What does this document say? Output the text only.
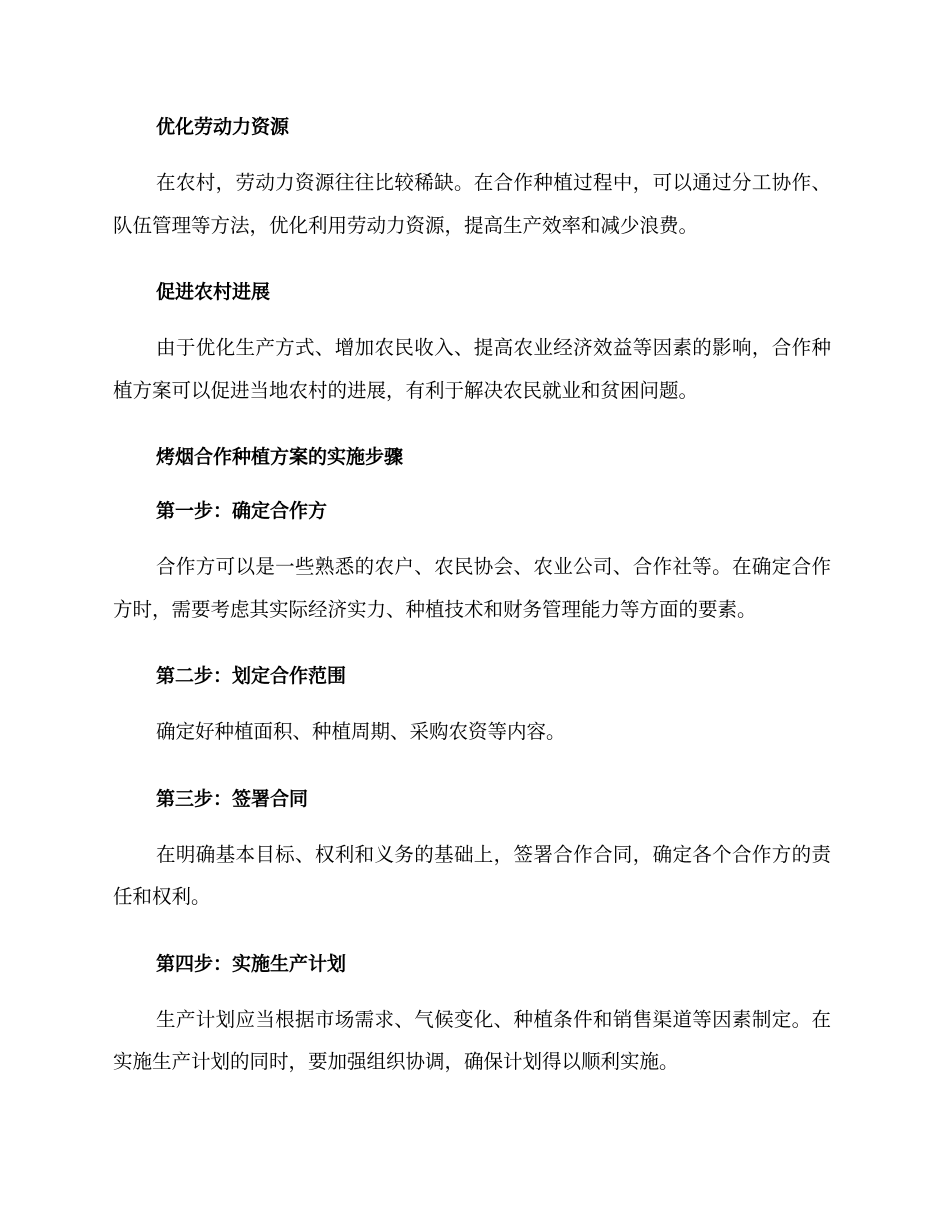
优化劳动力资源

在农村，劳动力资源往往比较稀缺。在合作种植过程中，可以通过分工协作、队伍管理等方法，优化利用劳动力资源，提高生产效率和减少浪费。

促进农村进展

由于优化生产方式、增加农民收入、提高农业经济效益等因素的影响，合作种植方案可以促进当地农村的进展，有利于解决农民就业和贫困问题。

烤烟合作种植方案的实施步骤
第一步：确定合作方

合作方可以是一些熟悉的农户、农民协会、农业公司、合作社等。在确定合作方时，需要考虑其实际经济实力、种植技术和财务管理能力等方面的要素。

第二步：划定合作范围

确定好种植面积、种植周期、采购农资等内容。

第三步：签署合同

在明确基本目标、权利和义务的基础上，签署合作合同，确定各个合作方的责任和权利。

第四步：实施生产计划

生产计划应当根据市场需求、气候变化、种植条件和销售渠道等因素制定。在实施生产计划的同时，要加强组织协调，确保计划得以顺利实施。
